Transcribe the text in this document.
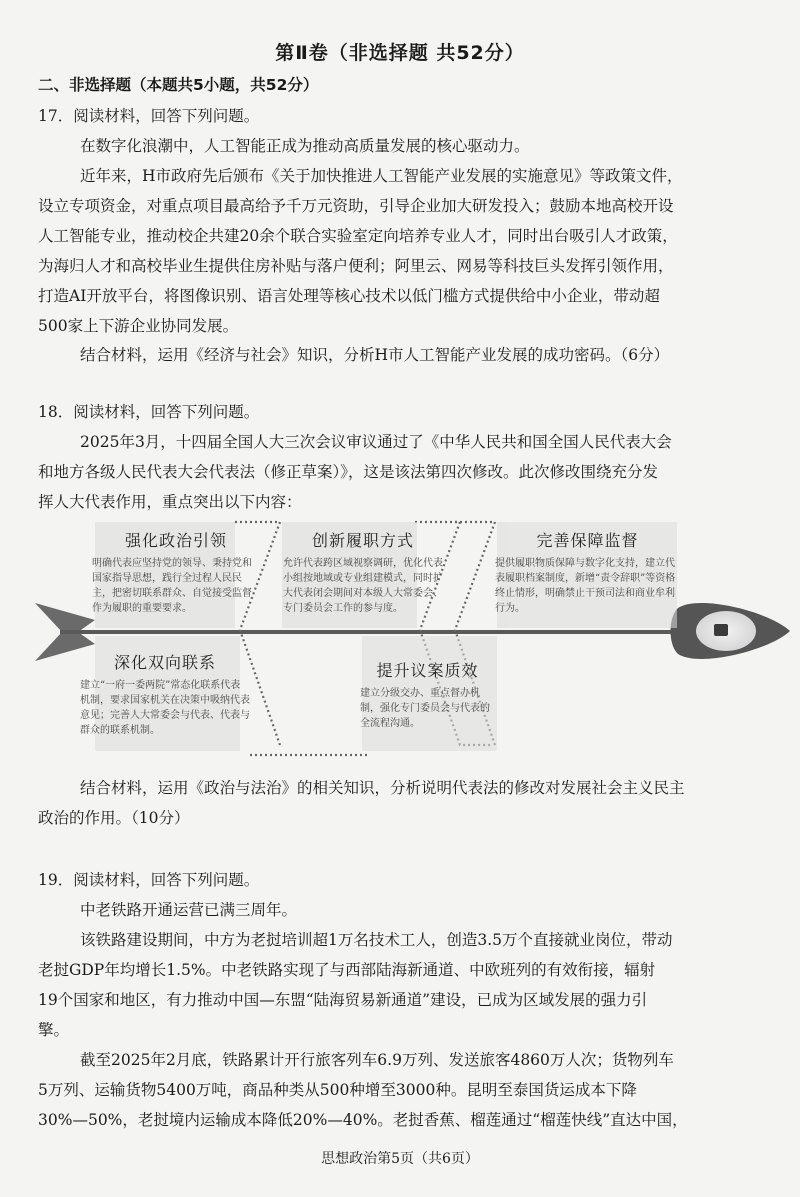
第Ⅱ卷（非选择题 共52分）
二、非选择题（本题共5小题，共52分）
17．阅读材料，回答下列问题。
在数字化浪潮中，人工智能正成为推动高质量发展的核心驱动力。
近年来，H市政府先后颁布《关于加快推进人工智能产业发展的实施意见》等政策文件，
设立专项资金，对重点项目最高给予千万元资助，引导企业加大研发投入；鼓励本地高校开设
人工智能专业，推动校企共建20余个联合实验室定向培养专业人才，同时出台吸引人才政策，
为海归人才和高校毕业生提供住房补贴与落户便利；阿里云、网易等科技巨头发挥引领作用，
打造AI开放平台，将图像识别、语言处理等核心技术以低门槛方式提供给中小企业，带动超
500家上下游企业协同发展。
结合材料，运用《经济与社会》知识，分析H市人工智能产业发展的成功密码。（6分）
18．阅读材料，回答下列问题。
2025年3月，十四届全国人大三次会议审议通过了《中华人民共和国全国人民代表大会
和地方各级人民代表大会代表法（修正草案）》，这是该法第四次修改。此次修改围绕充分发
挥人大代表作用，重点突出以下内容：
强化政治引领
明确代表应坚持党的领导、秉持党和国家指导思想，践行全过程人民民主，把密切联系群众、自觉接受监督作为履职的重要要求。
创新履职方式
允许代表跨区域视察调研，优化代表小组按地域或专业组建模式，同时扩大代表闭会期间对本级人大常委会、专门委员会工作的参与度。
完善保障监督
提供履职物质保障与数字化支持，建立代表履职档案制度，新增“责令辞职”等资格终止情形，明确禁止干预司法和商业牟利行为。
深化双向联系
建立“一府一委两院”常态化联系代表机制，要求国家机关在决策中吸纳代表意见；完善人大常委会与代表、代表与群众的联系机制。
提升议案质效
建立分级交办、重点督办机制，强化专门委员会与代表的全流程沟通。
结合材料，运用《政治与法治》的相关知识，分析说明代表法的修改对发展社会主义民主
政治的作用。（10分）
19．阅读材料，回答下列问题。
中老铁路开通运营已满三周年。
该铁路建设期间，中方为老挝培训超1万名技术工人，创造3.5万个直接就业岗位，带动
老挝GDP年均增长1.5%。中老铁路实现了与西部陆海新通道、中欧班列的有效衔接，辐射
19个国家和地区，有力推动中国—东盟“陆海贸易新通道”建设，已成为区域发展的强力引
擎。
截至2025年2月底，铁路累计开行旅客列车6.9万列、发送旅客4860万人次；货物列车
5万列、运输货物5400万吨，商品种类从500种增至3000种。昆明至泰国货运成本下降
30%—50%，老挝境内运输成本降低20%—40%。老挝香蕉、榴莲通过“榴莲快线”直达中国，
思想政治第5页（共6页）
